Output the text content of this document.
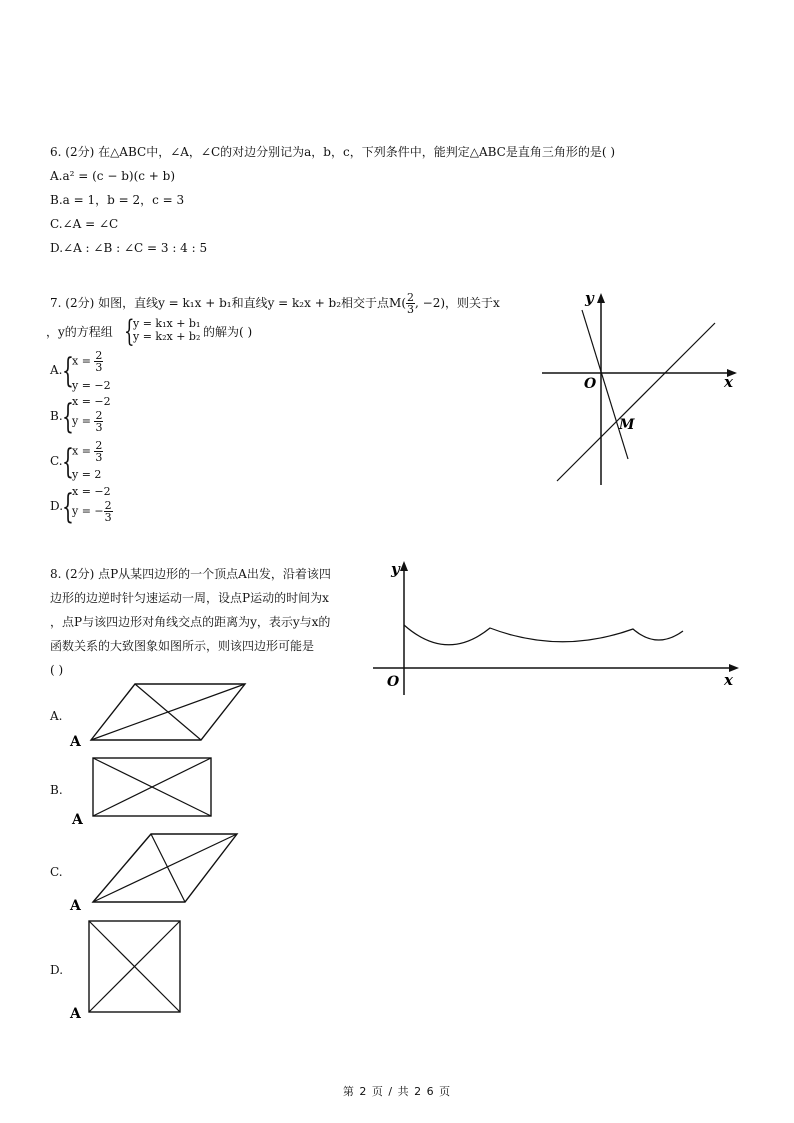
6. (2分) 在△ABC中，∠A，∠C的对边分别记为a，b，c，下列条件中，能判定△ABC是直角三角形的是( )
A.a² = (c − b)(c + b)
B.a = 1，b = 2，c = 3
C.∠A = ∠C
D.∠A : ∠B : ∠C = 3 : 4 : 5
7. (2分) 如图，直线y = k₁x + b₁和直线y = k₂x + b₂相交于点$M( \frac{2}{3}$ , −2)，则关于x
，y的方程组 {
y = k₁x + b₁
y = k₂x + b₂ 的解为( )
A. {
$x = \frac{2}{3}$
y = −2
B. {
x = −2
$y = \frac{2}{3}$
C. {
$x = \frac{2}{3}$
y = 2
D.
{
x = −2
y = − $\frac{2}{3}$
y
x
O
M
8. (2分) 点P从某四边形的一个顶点A出发，沿着该四
边形的边逆时针匀速运动一周，设点P运动的时间为x
，点P与该四边形对角线交点的距离为y，表示y与x的
函数关系的大致图象如图所示，则该四边形可能是
( )
y
x
O
A.
A
B.
A
C.
A
D.
A
第 2 页 / 共 2 6 页
